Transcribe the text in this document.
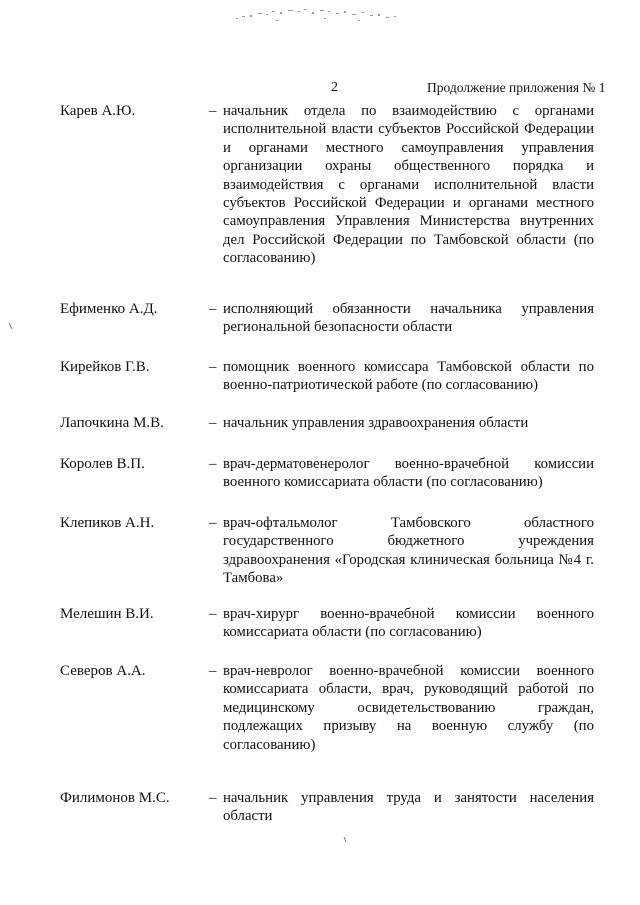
2	Продолжение приложения № 1
Карев А.Ю.	– начальник отдела по взаимодействию с органами исполнительной власти субъектов Российской Федерации и органами местного самоуправления управления организации охраны общественного порядка и взаимодействия с органами исполнительной власти субъектов Российской Федерации и органами местного самоуправления Управления Министерства внутренних дел Российской Федерации по Тамбовской области (по согласованию)
Ефименко А.Д.	– исполняющий обязанности начальника управления региональной безопасности области
Кирейков Г.В.	– помощник военного комиссара Тамбовской области по военно-патриотической работе (по согласованию)
Лапочкина М.В.	– начальник управления здравоохранения области
Королев В.П.	– врач-дерматовенеролог военно-врачебной комиссии военного комиссариата области (по согласованию)
Клепиков А.Н.	– врач-офтальмолог Тамбовского областного государственного бюджетного учреждения здравоохранения «Городская клиническая больница №4 г. Тамбова»
Мелешин В.И.	– врач-хирург военно-врачебной комиссии военного комиссариата области (по согласованию)
Северов А.А.	– врач-невролог военно-врачебной комиссии военного комиссариата области, врач, руководящий работой по медицинскому освидетельствованию граждан, подлежащих призыву на военную службу (по согласованию)
Филимонов М.С.	– начальник управления труда и занятости населения области
